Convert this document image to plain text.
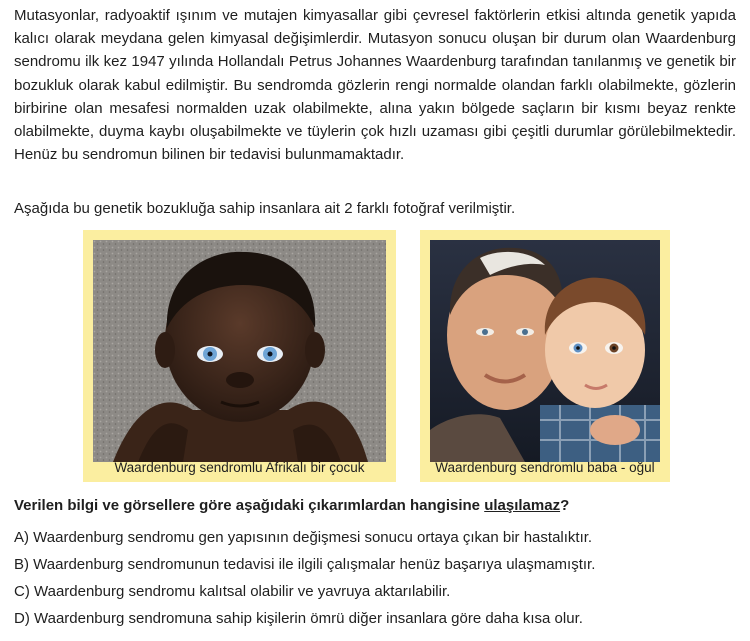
Mutasyonlar, radyoaktif ışınım ve mutajen kimyasallar gibi çevresel faktörlerin etkisi altında genetik yapıda kalıcı olarak meydana gelen kimyasal değişimlerdir. Mutasyon sonucu oluşan bir durum olan Waardenburg sendromu ilk kez 1947 yılında Hollandalı Petrus Johannes Waardenburg tarafından tanılanmış ve genetik bir bozukluk olarak kabul edilmiştir. Bu sendromda gözlerin rengi normalde olandan farklı olabilmekte, gözlerin birbirine olan mesafesi normalden uzak olabilmekte, alına yakın bölgede saçların bir kısmı beyaz renkte olabilmekte, duyma kaybı oluşabilmekte ve tüylerin çok hızlı uzaması gibi çeşitli durumlar görülebilmektedir. Henüz bu sendromun bilinen bir tedavisi bulunmamaktadır.

Aşağıda bu genetik bozukluğa sahip insanlara ait 2 farklı fotoğraf verilmiştir.

Waardenburg sendromlu Afrikalı bir çocuk	Waardenburg sendromlu baba - oğul

Verilen bilgi ve görsellere göre aşağıdaki çıkarımlardan hangisine ulaşılamaz?

A) Waardenburg sendromu gen yapısının değişmesi sonucu ortaya çıkan bir hastalıktır.
B) Waardenburg sendromunun tedavisi ile ilgili çalışmalar henüz başarıya ulaşmamıştır.
C) Waardenburg sendromu kalıtsal olabilir ve yavruya aktarılabilir.
D) Waardenburg sendromuna sahip kişilerin ömrü diğer insanlara göre daha kısa olur.
